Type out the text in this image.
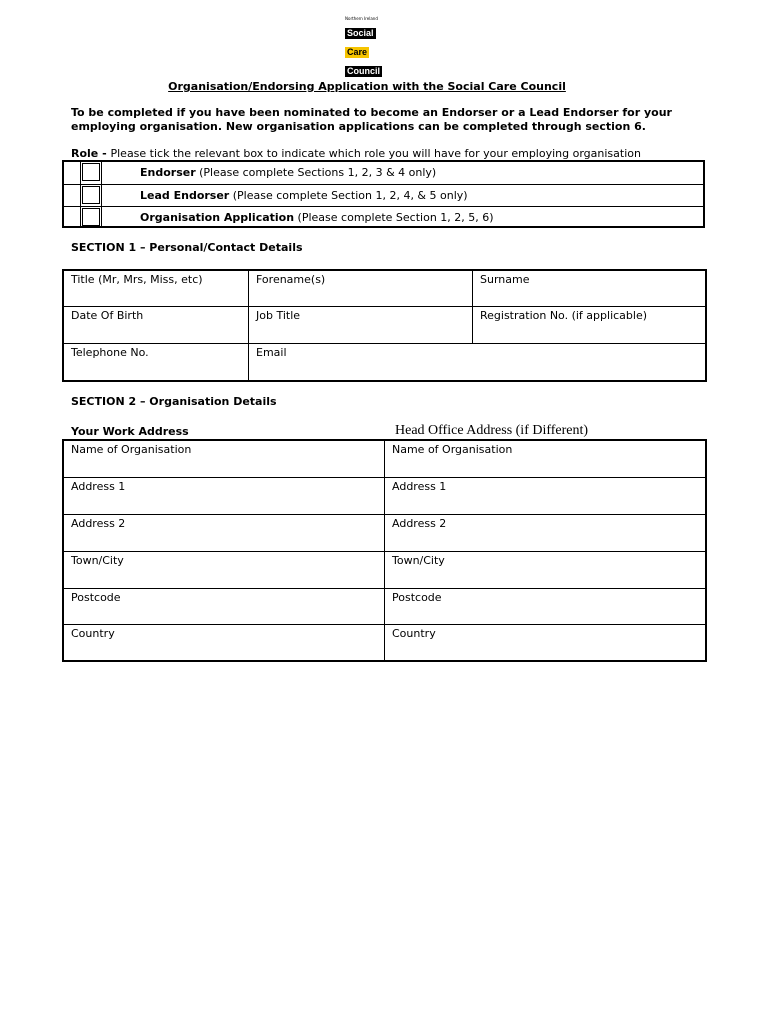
Northern Ireland
Social
Care
Council
Organisation/Endorsing Application with the Social Care Council
To be completed if you have been nominated to become an Endorser or a Lead Endorser for your employing organisation. New organisation applications can be completed through section 6.
Role - Please tick the relevant box to indicate which role you will have for your employing organisation
Endorser (Please complete Sections 1, 2, 3 & 4 only)
Lead Endorser (Please complete Section 1, 2, 4, & 5 only)
Organisation Application (Please complete Section 1, 2, 5, 6)
SECTION 1 – Personal/Contact Details
Title (Mr, Mrs, Miss, etc)	Forename(s)	Surname
Date Of Birth	Job Title	Registration No. (if applicable)
Telephone No.	Email
SECTION 2 – Organisation Details
Your Work Address	Head Office Address (if Different)
Name of Organisation	Name of Organisation
Address 1	Address 1
Address 2	Address 2
Town/City	Town/City
Postcode	Postcode
Country	Country
